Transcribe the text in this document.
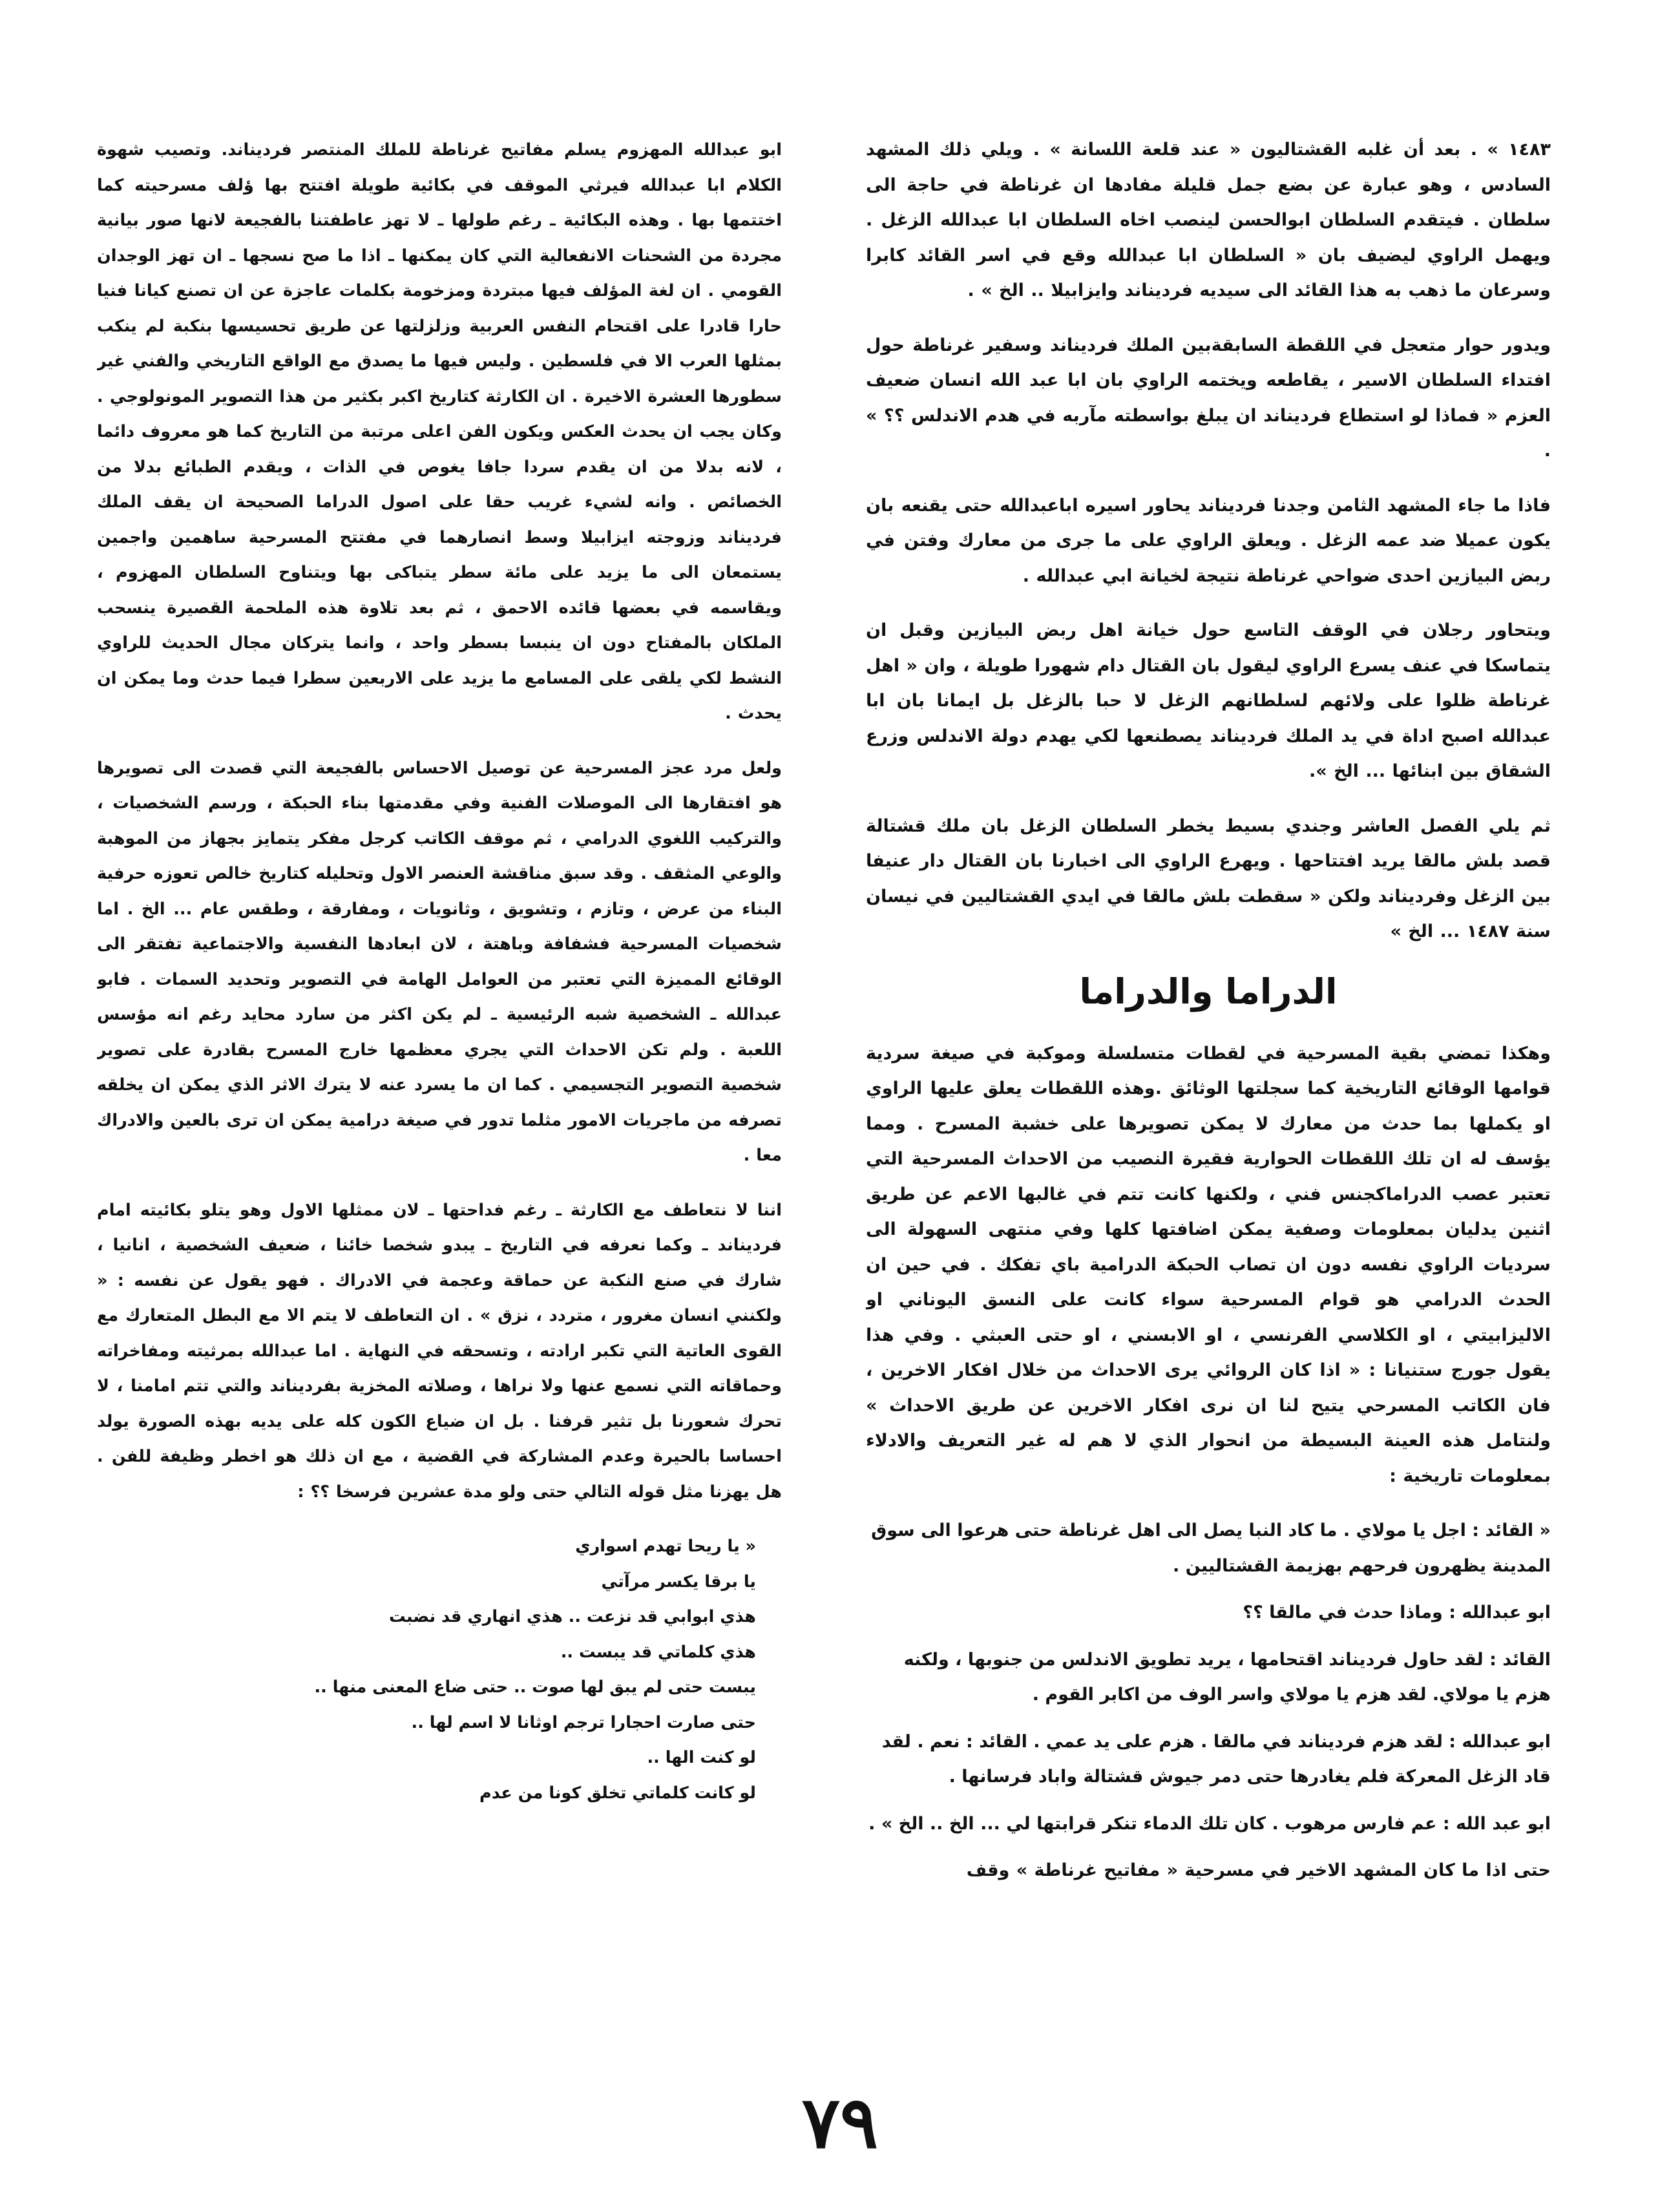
١٤٨٣ » . بعد أن غلبه القشتاليون « عند قلعة اللسانة » . ويلي ذلك المشهد السادس ، وهو عبارة عن بضع جمل قليلة مفادها ان غرناطة في حاجة الى سلطان . فيتقدم السلطان ابوالحسن لينصب اخاه السلطان ابا عبدالله الزغل . ويهمل الراوي ليضيف بان « السلطان ابا عبدالله وقع في اسر القائد كابرا وسرعان ما ذهب به هذا القائد الى سيديه فردیناند وایزابیلا .. الخ » .

ويدور حوار متعجل في اللقطة السابقةبين الملك فرديناند وسفير غرناطة حول افتداء السلطان الاسير ، يقاطعه ويختمه الراوي بان ابا عبد الله انسان ضعيف العزم « فماذا لو استطاع فرديناند ان يبلغ بواسطته مآربه في هدم الاندلس ؟؟ » .

فاذا ما جاء المشهد الثامن وجدنا فرديناند يحاور اسيره اباعبدالله حتى يقنعه بان يكون عميلا ضد عمه الزغل . ويعلق الراوي على ما جرى من معارك وفتن في ربض البيازين احدى ضواحي غرناطة نتيجة لخيانة ابي عبدالله .

ويتحاور رجلان في الوقف التاسع حول خيانة اهل ربض البيازين وقبل ان يتماسكا في عنف يسرع الراوي ليقول بان القتال دام شهورا طويلة ، وان « اهل غرناطة ظلوا على ولائهم لسلطانهم الزغل لا حبا بالزغل بل ايمانا بان ابا عبدالله اصبح اداة في يد الملك فرديناند يصطنعها لكي يهدم دولة الاندلس وزرع الشقاق بين ابنائها ... الخ ».

ثم يلي الفصل العاشر وجندي بسيط يخطر السلطان الزغل بان ملك قشتالة قصد بلش مالقا يريد افتتاحها . ويهرع الراوي الى اخبارنا بان القتال دار عنيفا بين الزغل وفرديناند ولكن « سقطت بلش مالقا في ايدي القشتاليين في نيسان سنة ١٤٨٧ ... الخ »

الدراما والدراما

وهكذا تمضي بقية المسرحية في لقطات متسلسلة وموكبة في صيغة سردية قوامها الوقائع التاريخية كما سجلتها الوثائق .وهذه اللقطات يعلق عليها الراوي او يكملها بما حدث من معارك لا يمكن تصويرها على خشبة المسرح . ومما يؤسف له ان تلك اللقطات الحوارية فقيرة النصيب من الاحداث المسرحية التي تعتبر عصب الدراماكجنس فني ، ولكنها كانت تتم في غالبها الاعم عن طريق اثنين يدليان بمعلومات وصفية يمكن اضافتها كلها وفي منتهى السهولة الى سرديات الراوي نفسه دون ان تصاب الحبكة الدرامية باي تفكك . في حين ان الحدث الدرامي هو قوام المسرحية سواء كانت على النسق اليوناني او الاليزابيتي ، او الكلاسي الفرنسي ، او الابسني ، او حتى العبثي . وفي هذا يقول جورج ستنيانا : « اذا كان الروائي يرى الاحداث من خلال افكار الاخرين ، فان الكاتب المسرحي يتيح لنا ان نرى افكار الاخرين عن طريق الاحداث » ولنتامل هذه العينة البسيطة من انحوار الذي لا هم له غير التعريف والادلاء بمعلومات تاريخية :

« القائد : اجل يا مولاي . ما كاد النبا يصل الى اهل غرناطة حتى هرعوا الى سوق المدينة يظهرون فرحهم بهزيمة القشتاليين .

ابو عبدالله : وماذا حدث في مالقا ؟؟

القائد : لقد حاول فرديناند اقتحامها ، يريد تطويق الاندلس من جنوبها ، ولكنه هزم يا مولاي. لقد هزم يا مولاي واسر الوف من اكابر القوم .

ابو عبدالله : لقد هزم فرديناند في مالقا . هزم على يد عمي . القائد : نعم . لقد قاد الزغل المعركة فلم يغادرها حتى دمر جيوش قشتالة واباد فرسانها .

ابو عبد الله : عم فارس مرهوب . كان تلك الدماء تنكر قرابتها لي ... الخ .. الخ » .

حتى اذا ما كان المشهد الاخير في مسرحية « مفاتيح غرناطة » وقف

ابو عبدالله المهزوم يسلم مفاتيح غرناطة للملك المنتصر فرديناند. وتصيب شهوة الكلام ابا عبدالله فيرثي الموقف في بكائية طويلة افتتح بها ؤلف مسرحيته كما اختتمها بها . وهذه البكائية ـ رغم طولها ـ لا تهز عاطفتنا بالفجيعة لانها صور بيانية مجردة من الشحنات الانفعالية التي كان يمكنها ـ اذا ما صح نسجها ـ ان تهز الوجدان القومي . ان لغة المؤلف فيها مبتردة ومزخومة بكلمات عاجزة عن ان تصنع كيانا فنيا حارا قادرا على اقتحام النفس العربية وزلزلتها عن طريق تحسيسها بنكبة لم ينكب بمثلها العرب الا في فلسطين . وليس فيها ما يصدق مع الواقع التاريخي والفني غير سطورها العشرة الاخيرة . ان الكارثة كتاريخ اكبر بكثير من هذا التصوير المونولوجي . وكان يجب ان يحدث العكس ويكون الفن اعلى مرتبة من التاريخ كما هو معروف دائما ، لانه بدلا من ان يقدم سردا جافا يغوص في الذات ، ويقدم الطبائع بدلا من الخصائص . وانه لشيء غريب حقا على اصول الدراما الصحيحة ان يقف الملك فرديناند وزوجته ايزابيلا وسط انصارهما في مفتتح المسرحية ساهمين واجمين يستمعان الى ما يزيد على مائة سطر يتباكى بها ويتناوح السلطان المهزوم ، ويقاسمه في بعضها قائده الاحمق ، ثم بعد تلاوة هذه الملحمة القصيرة ينسحب الملكان بالمفتاح دون ان ينبسا بسطر واحد ، وانما يتركان مجال الحديث للراوي النشط لكي يلقى على المسامع ما يزيد على الاربعين سطرا فيما حدث وما يمكن ان يحدث .

ولعل مرد عجز المسرحية عن توصيل الاحساس بالفجيعة التي قصدت الى تصويرها هو افتقارها الى الموصلات الفنية وفي مقدمتها بناء الحبكة ، ورسم الشخصيات ، والتركيب اللغوي الدرامي ، ثم موقف الكاتب كرجل مفكر يتمايز بجهاز من الموهبة والوعي المثقف . وقد سبق مناقشة العنصر الاول وتحليله كتاريخ خالص تعوزه حرفية البناء من عرض ، وتازم ، وتشويق ، وثانويات ، ومفارقة ، وطقس عام ... الخ . اما شخصيات المسرحية فشفافة وباهتة ، لان ابعادها النفسية والاجتماعية تفتقر الى الوقائع المميزة التي تعتبر من العوامل الهامة في التصوير وتحديد السمات . فابو عبدالله ـ الشخصية شبه الرئيسية ـ لم يكن اكثر من سارد محايد رغم انه مؤسس اللعبة . ولم تكن الاحداث التي يجري معظمها خارج المسرح بقادرة على تصوير شخصية التصوير التجسيمي . كما ان ما يسرد عنه لا يترك الاثر الذي يمكن ان يخلقه تصرفه من ماجريات الامور مثلما تدور في صيغة درامية يمكن ان ترى بالعين والادراك معا .

اننا لا نتعاطف مع الكارثة ـ رغم فداحتها ـ لان ممثلها الاول وهو يتلو بكائيته امام فرديناند ـ وكما نعرفه في التاريخ ـ يبدو شخصا خائنا ، ضعيف الشخصية ، انانيا ، شارك في صنع النكبة عن حماقة وعجمة في الادراك . فهو يقول عن نفسه : « ولكنني انسان مغرور ، متردد ، نزق » . ان التعاطف لا يتم الا مع البطل المتعارك مع القوى العاتية التي تكبر ارادته ، وتسحقه في النهاية . اما عبدالله بمرثيته ومفاخراته وحماقاته التي نسمع عنها ولا نراها ، وصلاته المخزية بفرديناند والتي تتم امامنا ، لا تحرك شعورنا بل تثير قرفنا . بل ان ضياع الكون كله على يديه بهذه الصورة يولد احساسا بالحيرة وعدم المشاركة في القضية ، مع ان ذلك هو اخطر وظيفة للفن . هل يهزنا مثل قوله التالي حتى ولو مدة عشرين فرسخا ؟؟ :

« يا ريحا تهدم اسواري
يا برقا يكسر مرآتي
هذي ابوابي قد نزعت .. هذي انهاري قد نضبت
هذي كلماتي قد يبست ..
يبست حتى لم يبق لها صوت .. حتى ضاع المعنى منها ..
حتى صارت احجارا ترجم اوثانا لا اسم لها ..
لو كنت الها ..
لو كانت كلماتي تخلق كونا من عدم
٧٩
